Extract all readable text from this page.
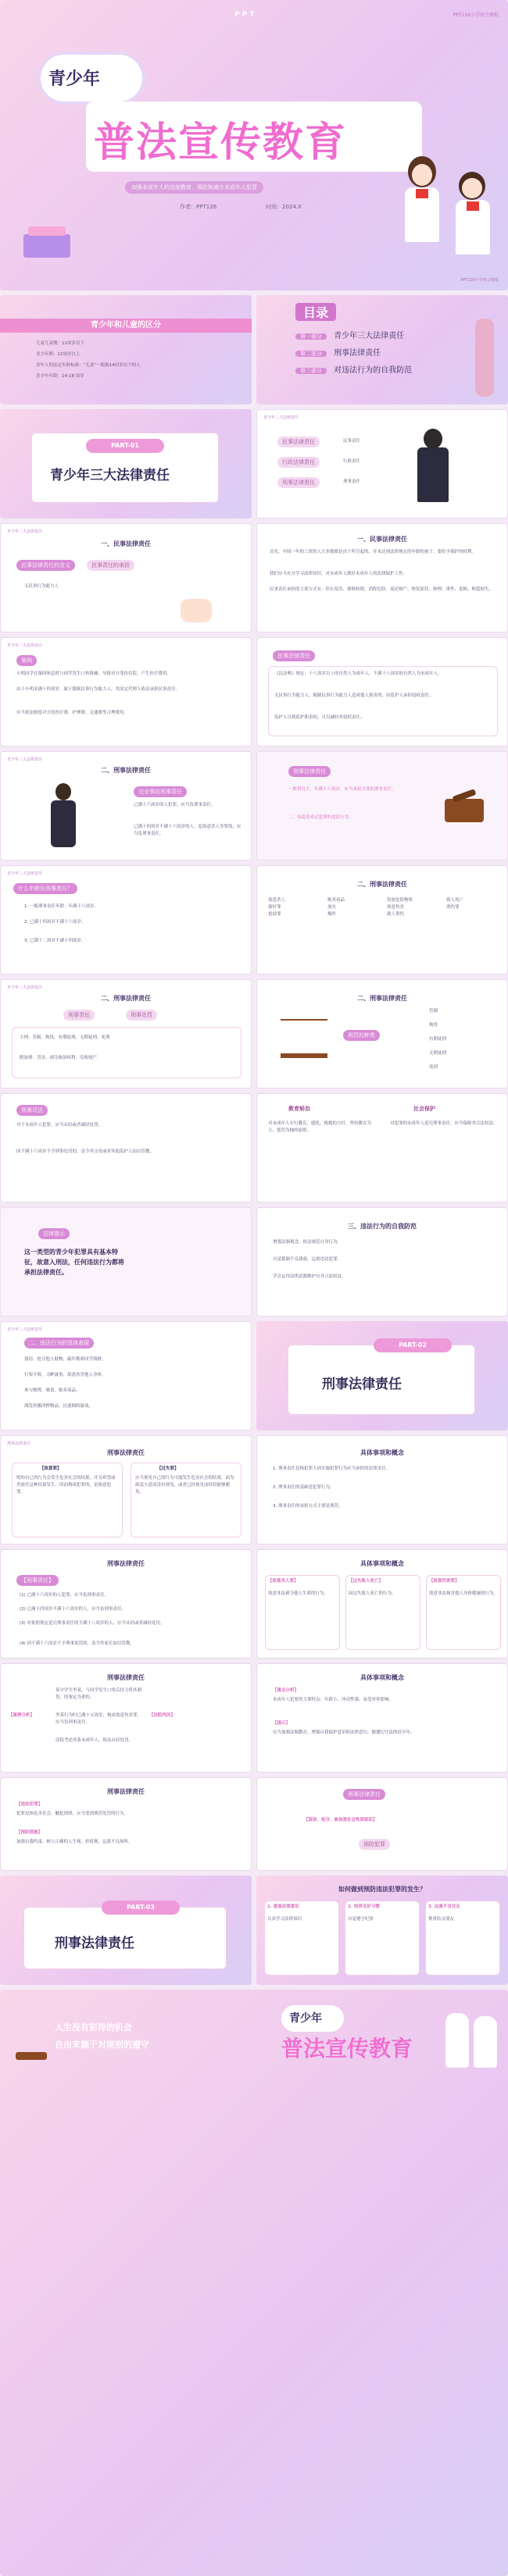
P P T	PPT126小学班会模板
青少年
普法宣传教育
加强未成年人的法制教育，预防和减少未成年人犯罪
作者：PPT126	时间：2024.X
PPT126小学班会模板
青少年和儿童的区分
儿童儿童期：12周岁以下
青少年期：12周岁以上
青年人的法定年龄标准：“儿童”一般指14周岁以下的人
青少年年龄：14-18 周岁
目录
第一部分 青少年三大法律责任
第二部分 刑事法律责任
第三部分 对违法行为的自我防范
PART-01
青少年三大法律责任
青少年三大法律责任
民事法律责任
行政法律责任
刑事法律责任
民事责任
行政责任
刑事责任
青少年三大法律责任
一、民事法律责任
民事法律责任的含义	民事责任的承担
无民事行为能力人
一、民事法律责任
首先，中国一年的工资的人大多数都是由于所引起的，并未达到法律规定的年龄的孩子，要给予保护的权利。
我们应当充分学习法律知识，对未成年人做好未成年人的法律保护工作。
民事责任承担的主要方式有：停止侵害、排除妨碍、消除危险、返还财产、恢复原状、修理、重作、更换、赔偿损失。
青少年三大法律责任
案例
小明同学在课间休息时与同学发生口角推搡，导致对方受伤住院，产生医疗费用。
由于小明未满十四周岁，属于限制民事行为能力人，其法定代理人依法承担民事责任。
应当依法赔偿对方的医疗费、护理费、交通费等合理费用。
民事法律责任
《民法典》规定：十八周岁以上的自然人为成年人，不满十八周岁的自然人为未成年人。
无民事行为能力人、限制民事行为能力人造成他人损害的，由监护人承担侵权责任。
监护人尽到监护职责的，可以减轻其侵权责任。
青少年三大法律责任
二、刑事法律责任
完全事故刑事责任
已满十六周岁的人犯罪，应当负刑事责任。
已满十四周岁不满十六周岁的人，犯故意杀人等罪的，应当负刑事责任。
刑事法律责任
一般情况下，年满十八周岁，应当承担全部的刑事责任。
二、知道造成过犯罪的违法行为。
青少年三大法律责任
什么年龄负刑事责任？
1. 一般刑事责任年龄：年满十六周岁。
2. 已满十四周岁不满十六周岁。
3. 已满十二周岁不满十四周岁。
二、刑事法律责任
故意杀人
强奸罪
抢劫罪
贩卖毒品
放火
爆炸
投放危险物质
故意伤害
致人重伤
致人死亡
重伤罪
青少年三大法律责任
二、刑事法律责任
刑事责任	刑事处罚
主刑：管制、拘役、有期徒刑、无期徒刑、死刑
附加刑：罚金、剥夺政治权利、没收财产
二、刑事法律责任
刑罚的种类
管制
拘役
有期徒刑
无期徒刑
死刑
刑事司法
对于未成年人犯罪，应当从轻或者减轻处罚。
因不满十六周岁不予刑事处罚的，责令其父母或者其他监护人加以管教。
教育矫治	社会保护
对未成年人实行教育、感化、挽救的方针，坚持教育为主、惩罚为辅的原则。
对犯罪的未成年人追究刑事责任，应当保障其合法权益。
法律提示
这一类型的青少年犯罪具有基本特征，故意入刑法，任何违法行为都将承担法律责任。
三、违法行为的自我防范
增强法制观念，依法规范自身行为。
自觉抵制不良诱惑，远离违法犯罪。
学会运用法律武器维护自身合法权益。
青少年三大法律责任
二、违法行为的具体表现
盗窃、抢夺他人财物，敲诈勒索同学钱财。
打架斗殴，寻衅滋事，故意伤害他人身体。
参与赌博，吸食、贩卖毒品。
浏览传播淫秽物品，沉迷网络游戏。
PART-02
刑事法律责任
刑事法律责任
刑事法律责任
【故意罪】
明知自己的行为会发生危害社会的结果，并且希望或者放任这种结果发生，因而构成犯罪的，是故意犯罪。
【过失罪】
应当预见自己的行为可能发生危害社会的结果，因为疏忽大意而没有预见，或者已经预见而轻信能够避免。
具体事项和概念
1. 刑事责任是指犯罪人因实施犯罪行为应当承担的法律责任。
2. 刑事责任的基础是犯罪行为。
3. 刑事责任的承担方式主要是刑罚。
刑事法律责任
【刑事责任】
(1) 已满十六周岁的人犯罪，应当负刑事责任。
(2) 已满十四周岁不满十六周岁的人，应当负刑事责任。
(3) 对依照规定追究刑事责任的不满十八周岁的人，应当从轻或者减轻处罚。
(4) 因不满十六周岁不予刑事处罚的，责令其家长加以管教。
具体事项和概念
【故意杀人罪】
故意非法剥夺他人生命的行为。
【过失致人死亡】
因过失致人死亡的行为。
【故意伤害罪】
故意非法损害他人身体健康的行为。
刑事法律责任
【案例分析】
某中学生李某，与同学发生口角后持刀将其刺伤，经鉴定为重伤。
李某行为时已满十五周岁，构成故意伤害罪，应当负刑事责任。
法院考虑其系未成年人，依法从轻处罚。
【法院判决】
具体事项和概念
【重点分析】
未成年人犯罪的主要特点：年龄小、冲动性强、易受外界影响。
【提示】
应当加强法制教育，增强自我保护意识和法律意识，做遵纪守法的好少年。
刑事法律责任
【违法犯罪】
犯罪是指危害社会、触犯刑律、应当受到刑罚处罚的行为。
【预防措施】
加强自我约束，树立正确的人生观、价值观，远离不良场所。
刑事法律责任
【盗窃、抢夺、参加黑社会性质组织】
预防犯罪
如何做到预防违法犯罪的发生？
1. 提高法律意识
认真学习法律知识
2. 培养良好习惯
自觉遵守纪律
3. 远离不良交友
慎重结交朋友
PART-03
刑事法律责任
人生没有彩排的机会
自由来源于对规则的遵守
青少年
普法宣传教育
